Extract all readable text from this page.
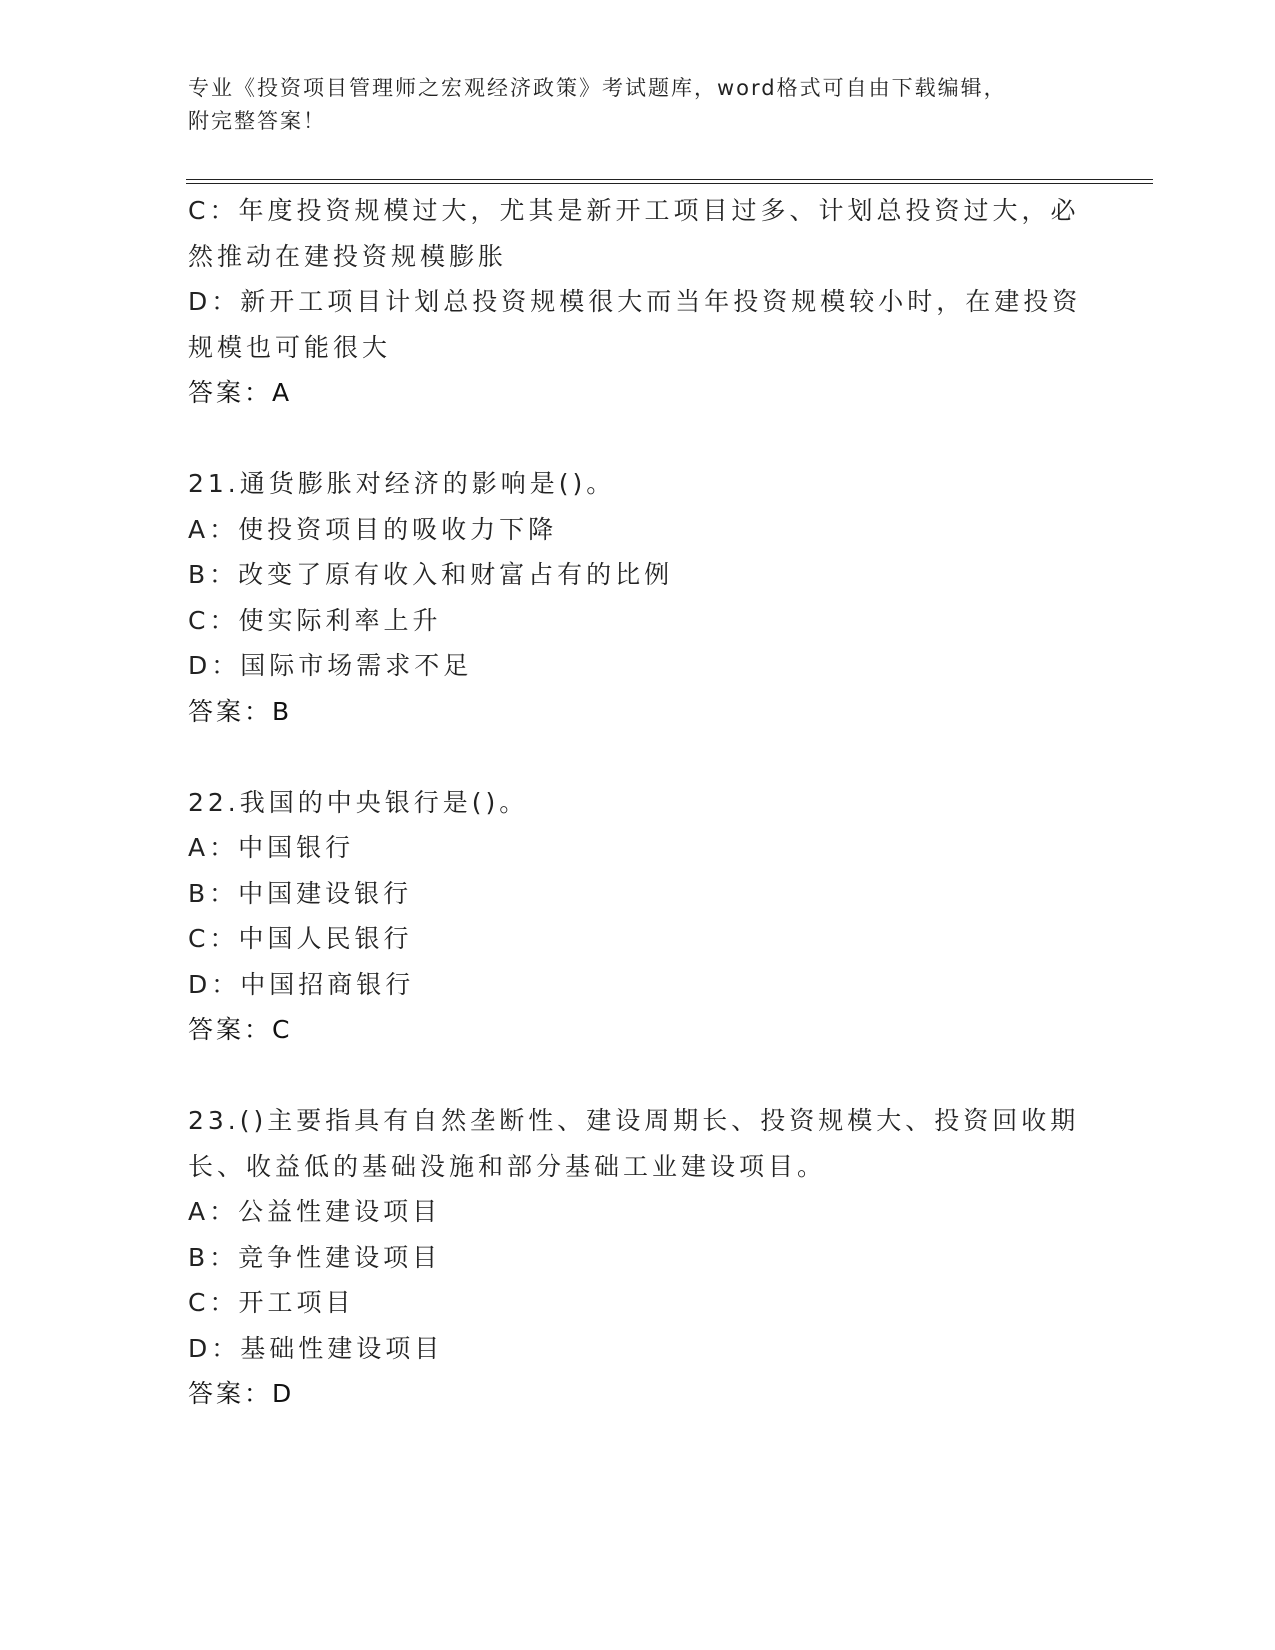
专业《投资项目管理师之宏观经济政策》考试题库，word格式可自由下载编辑，

附完整答案！

C：年度投资规模过大，尤其是新开工项目过多、计划总投资过大，必

然推动在建投资规模膨胀

D：新开工项目计划总投资规模很大而当年投资规模较小时，在建投资

规模也可能很大

答案：A

21.通货膨胀对经济的影响是()。

A：使投资项目的吸收力下降

B：改变了原有收入和财富占有的比例

C：使实际利率上升

D：国际市场需求不足

答案：B

22.我国的中央银行是()。

A：中国银行

B：中国建设银行

C：中国人民银行

D：中国招商银行

答案：C

23.()主要指具有自然垄断性、建设周期长、投资规模大、投资回收期

长、收益低的基础没施和部分基础工业建设项目。

A：公益性建设项目

B：竞争性建设项目

C：开工项目

D：基础性建设项目

答案：D
